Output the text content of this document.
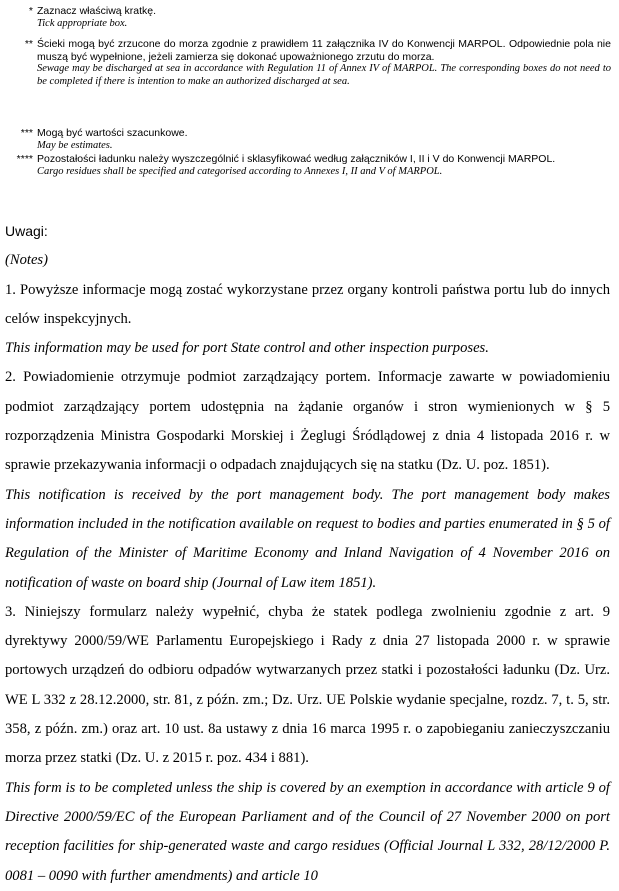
* Zaznacz właściwą kratkę.
Tick appropriate box.
** Ścieki mogą być zrzucone do morza zgodnie z prawidłem 11 załącznika IV do Konwencji MARPOL. Odpowiednie pola nie muszą być wypełnione, jeżeli zamierza się dokonać upoważnionego zrzutu do morza.
Sewage may be discharged at sea in accordance with Regulation 11 of Annex IV of MARPOL. The corresponding boxes do not need to be completed if there is intention to make an authorized discharged at sea.
*** Mogą być wartości szacunkowe.
May be estimates.
**** Pozostałości ładunku należy wyszczególnić i sklasyfikować według załączników I, II i V do Konwencji MARPOL.
Cargo residues shall be specified and categorised according to Annexes I, II and V of MARPOL.

Uwagi:

(Notes)

1. Powyższe informacje mogą zostać wykorzystane przez organy kontroli państwa portu lub do innych celów inspekcyjnych.

This information may be used for port State control and other inspection purposes.

2. Powiadomienie otrzymuje podmiot zarządzający portem. Informacje zawarte w powiadomieniu podmiot zarządzający portem udostępnia na żądanie organów i stron wymienionych w § 5 rozporządzenia Ministra Gospodarki Morskiej i Żeglugi Śródlądowej z dnia 4 listopada 2016 r. w sprawie przekazywania informacji o odpadach znajdujących się na statku (Dz. U. poz. 1851).

This notification is received by the port management body. The port management body makes information included in the notification available on request to bodies and parties enumerated in § 5 of Regulation of the Minister of Maritime Economy and Inland Navigation of 4 November 2016 on notification of waste on board ship (Journal of Law item 1851).

3. Niniejszy formularz należy wypełnić, chyba że statek podlega zwolnieniu zgodnie z art. 9 dyrektywy 2000/59/WE Parlamentu Europejskiego i Rady z dnia 27 listopada 2000 r. w sprawie portowych urządzeń do odbioru odpadów wytwarzanych przez statki i pozostałości ładunku (Dz. Urz. WE L 332 z 28.12.2000, str. 81, z późn. zm.; Dz. Urz. UE Polskie wydanie specjalne, rozdz. 7, t. 5, str. 358, z późn. zm.) oraz art. 10 ust. 8a ustawy z dnia 16 marca 1995 r. o zapobieganiu zanieczyszczaniu morza przez statki (Dz. U. z 2015 r. poz. 434 i 881).

This form is to be completed unless the ship is covered by an exemption in accordance with article 9 of Directive 2000/59/EC of the European Parliament and of the Council of 27 November 2000 on port reception facilities for ship-generated waste and cargo residues (Official Journal L 332, 28/12/2000 P. 0081 – 0090 with further amendments) and article 10
